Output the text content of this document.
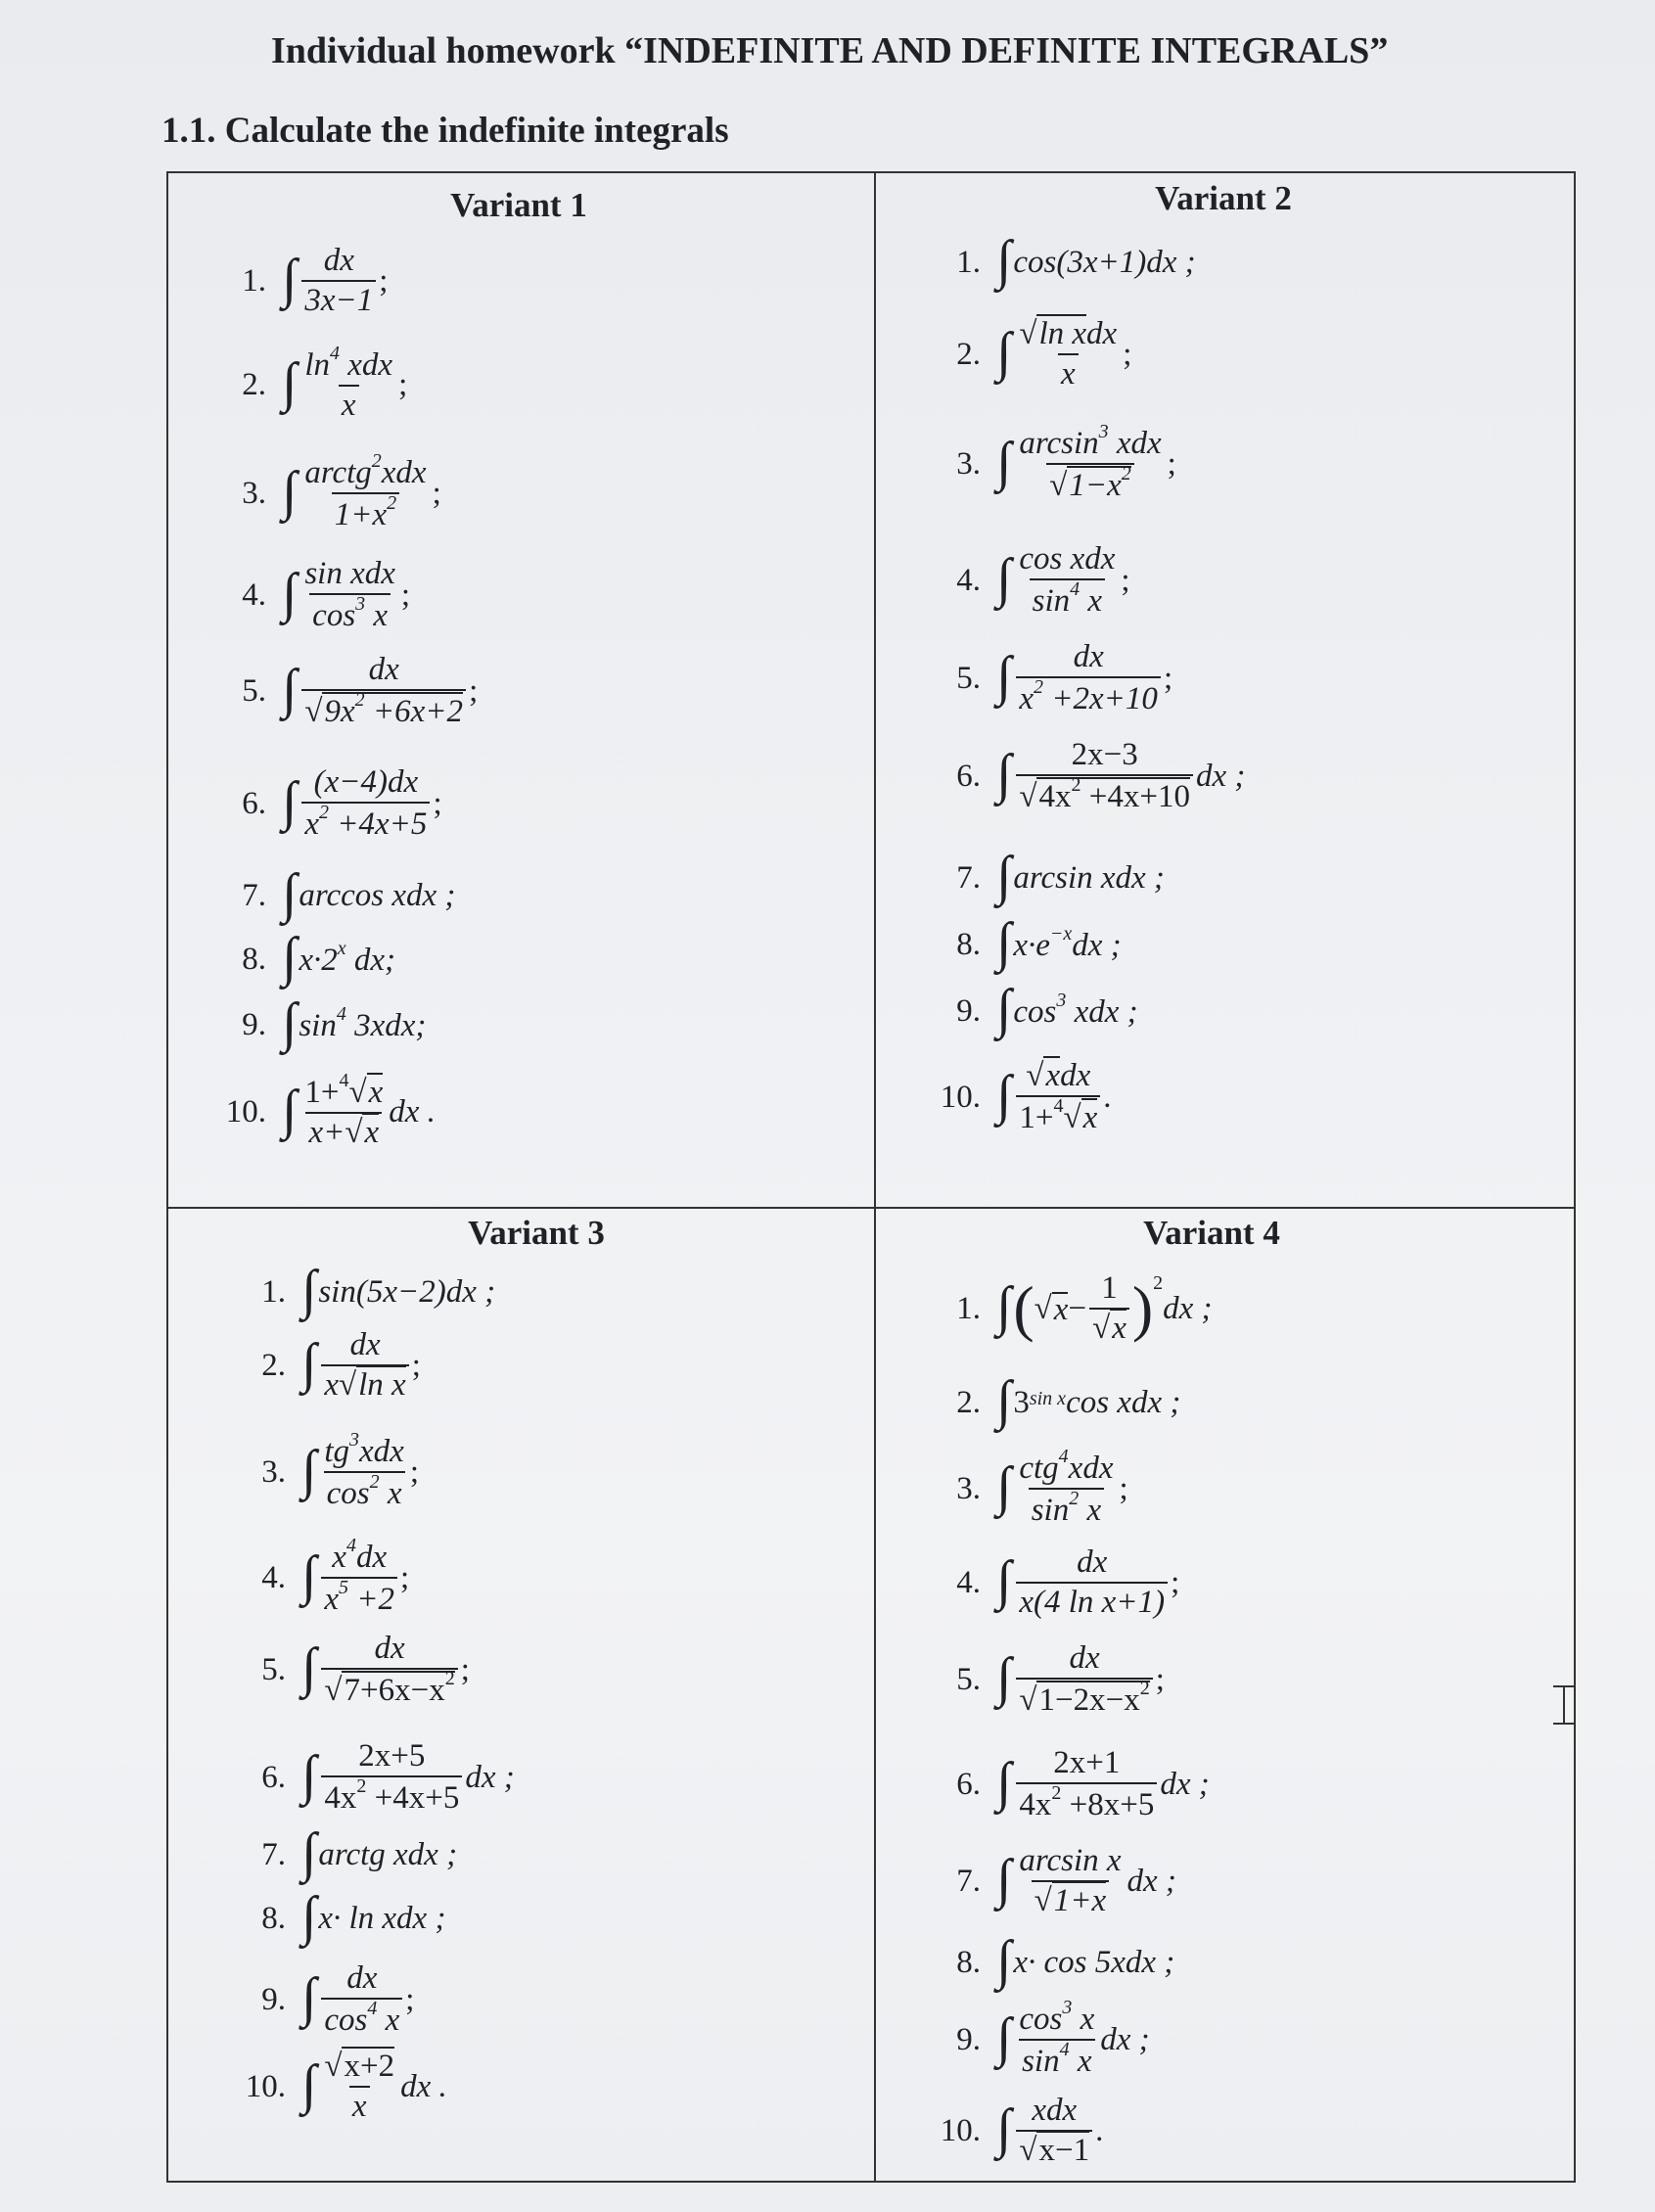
Individual homework “INDEFINITE AND DEFINITE INTEGRALS”
1.1. Calculate the indefinite integrals
Variant 1	Variant 2
Variant 3	Variant 4
1. ∫ $\frac{dx}{3x-1}$ ;
2. ∫ $\frac{\ln^4 xdx}{x}$ ;
3. ∫ $\frac{arctg^2xdx}{1+x^2}$ ;
4. ∫ $\frac{\text{sin xdx}}{\cos^3 x}$ ;
5. ∫ $\frac{dx}{√9x^2 +6x+2}$ ;
6. ∫ $\frac{(x-4)dx}{x^2 +4x+5}$ ;
7. ∫ arccos xdx ;
8. ∫ $x\cdot 2^x$ dx;
9. ∫ $\sin^4 3xdx$;
10. ∫ $\frac{1+^4√x}{x+√x}$ dx .
1. ∫ cos(3x+1)dx ;
2. ∫ $\frac{\text{√ln xdx}}{x}$ ;
3. ∫ $\frac{\arcsin^3 xdx}{√1-x^2}$ ;
4. ∫ $\frac{\text{cos xdx}}{\sin^4 x}$ ;
5. ∫ $\frac{dx}{x^2 +2x+10}$ ;
6. ∫ $\frac{2x-3}{√4x^2 +4x+10}$ dx ;
7. ∫ arcsin xdx ;
8. ∫ $x\cdot e^{-x}dx$ ;
9. ∫ $\cos^3$ xdx ;
10. ∫ $\frac{\text{√xdx}}{1+^4√x}$ .
1. ∫ sin(5x−2)dx ;
2. ∫ $\frac{dx}{\text{x√ln x}}$ ;
3. ∫ $\frac{tg^3xdx}{\cos^2 x}$ ;
4. ∫ $\frac{x^4dx}{x^5 +2}$ ;
5. ∫ $\frac{dx}{√7+6x-x^2}$ ;
6. ∫ $\frac{2x+5}{4x^2 +4x+5}$ dx ;
7. ∫ arctg xdx ;
8. ∫ x· ln xdx ;
9. ∫ $\frac{dx}{\cos^4 x}$ ;
10. ∫ $\frac{√x+2}{x}$ dx .
1. ∫ ( √ $x - \frac{1}{√x} )^2$
dx ;
2. ∫ $3^{sin x}$ cos xdx ;
3. ∫ $\frac{ctg^4xdx}{\sin^2 x}$ ;
4. ∫ $\frac{dx}{\text{x(4 ln x+1)}}$ ;
5. ∫ $\frac{dx}{√1-2x-x^2}$ ;
6. ∫ $\frac{2x+1}{4x^2 +8x+5}$ dx ;
7. ∫ $\frac{\text{arcsin x}}{√1+x}$ dx ;
8. ∫ x· cos 5xdx ;
9. ∫ $\frac{\cos^3 x}{\sin^4 x}$ dx ;
10. ∫ $\frac{\text{xdx}}{√x-1}$ .
